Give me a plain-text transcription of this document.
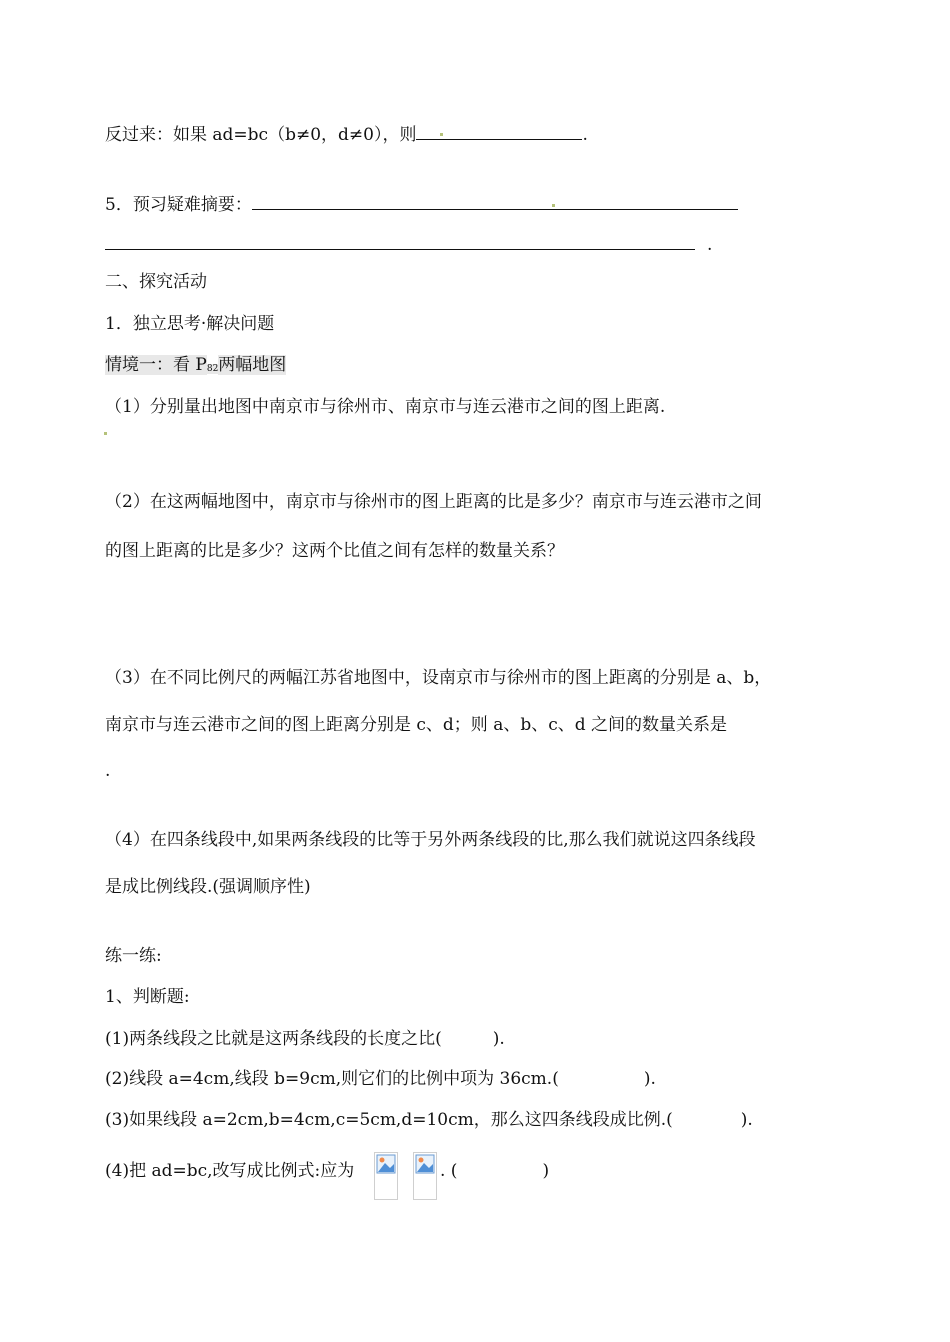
反过来：如果 ad=bc（b≠0，d≠0），则	.
5．预习疑难摘要：
.
二、探究活动
1．独立思考·解决问题
情境一：看 $P_{82}$两幅地图
（1）分别量出地图中南京市与徐州市、南京市与连云港市之间的图上距离.
（2）在这两幅地图中，南京市与徐州市的图上距离的比是多少？南京市与连云港市之间
的图上距离的比是多少？这两个比值之间有怎样的数量关系？
（3）在不同比例尺的两幅江苏省地图中，设南京市与徐州市的图上距离的分别是 a、b，
南京市与连云港市之间的图上距离分别是 c、d；则 a、b、c、d 之间的数量关系是
.
（4）在四条线段中,如果两条线段的比等于另外两条线段的比,那么我们就说这四条线段
是成比例线段.(强调顺序性)
练一练:
1、判断题:
(1)两条线段之比就是这两条线段的长度之比(　　　).
(2)线段 a=4cm,线段 b=9cm,则它们的比例中项为 36cm.(　　　　　).
(3)如果线段 a=2cm,b=4cm,c=5cm,d=10cm，那么这四条线段成比例.(　　　　).
(4)把 ad=bc,改写成比例式:应为	. (　　　　　)
